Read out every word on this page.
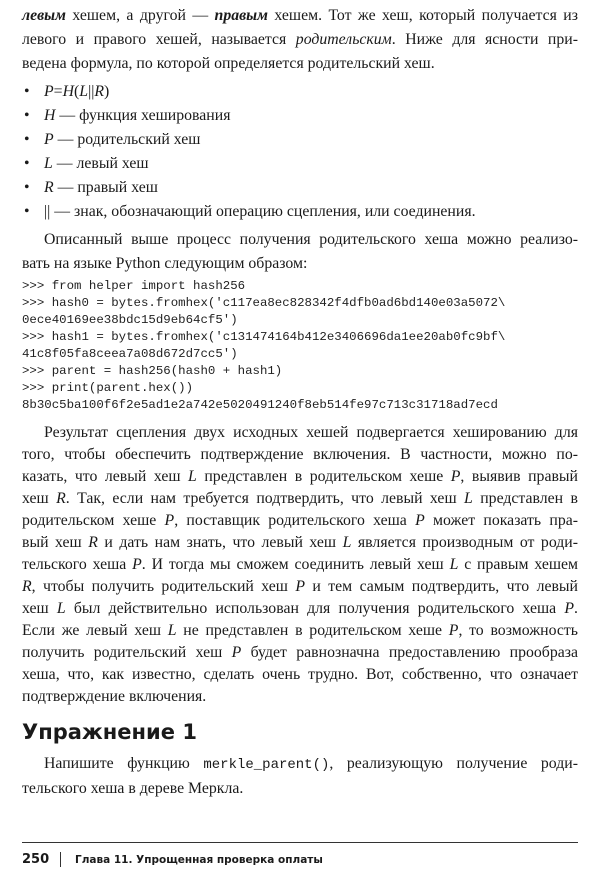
левым хешем, а другой — правым хешем. Тот же хеш, который получается из
левого и правого хешей, называется родительским. Ниже для ясности при-
ведена формула, по которой определяется родительский хеш.
• P=H(L||R)
• H — функция хеширования
• P — родительский хеш
• L — левый хеш
• R — правый хеш
• || — знак, обозначающий операцию сцепления, или соединения.
Описанный выше процесс получения родительского хеша можно реализо-
вать на языке Python следующим образом:
>>> from helper import hash256
>>> hash0 = bytes.fromhex('c117ea8ec828342f4dfb0ad6bd140e03a5072\
0ece40169ee38bdc15d9eb64cf5')
>>> hash1 = bytes.fromhex('c131474164b412e3406696da1ee20ab0fc9bf\
41c8f05fa8ceea7a08d672d7cc5')
>>> parent = hash256(hash0 + hash1)
>>> print(parent.hex())
8b30c5ba100f6f2e5ad1e2a742e5020491240f8eb514fe97c713c31718ad7ecd
Результат сцепления двух исходных хешей подвергается хешированию для
того, чтобы обеспечить подтверждение включения. В частности, можно по-
казать, что левый хеш L представлен в родительском хеше P, выявив правый
хеш R. Так, если нам требуется подтвердить, что левый хеш L представлен в
родительском хеше P, поставщик родительского хеша P может показать пра-
вый хеш R и дать нам знать, что левый хеш L является производным от роди-
тельского хеша P. И тогда мы сможем соединить левый хеш L с правым хешем
R, чтобы получить родительский хеш P и тем самым подтвердить, что левый
хеш L был действительно использован для получения родительского хеша P.
Если же левый хеш L не представлен в родительском хеше P, то возможность
получить родительский хеш P будет равнозначна предоставлению прообраза
хеша, что, как известно, сделать очень трудно. Вот, собственно, что означает
подтверждение включения.
Упражнение 1
Напишите функцию merkle_parent(), реализующую получение роди-
тельского хеша в дереве Меркла.
250	Глава 11. Упрощенная проверка оплаты
